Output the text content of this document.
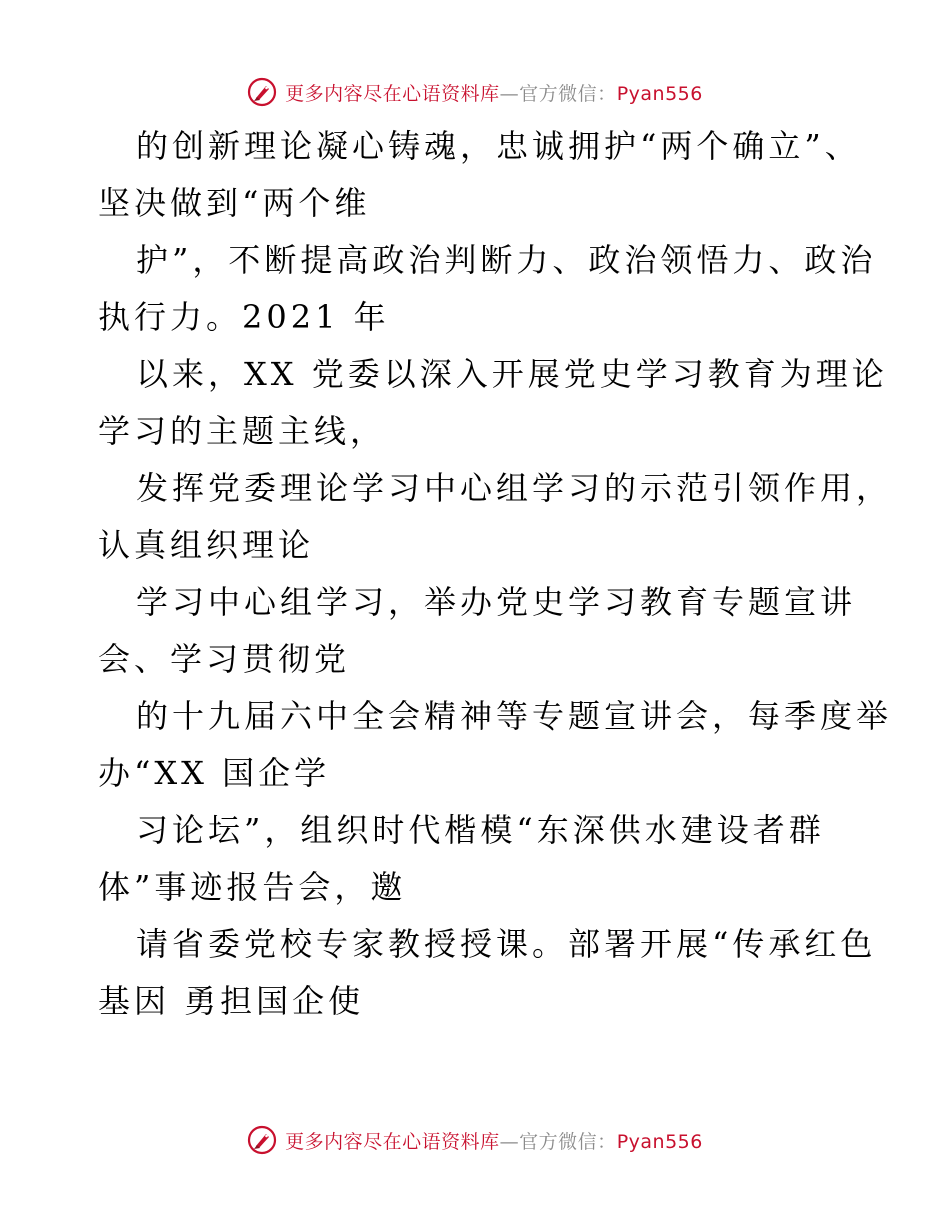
更多内容尽在心语资料库—官方微信：Pyan556

的创新理论凝心铸魂，忠诚拥护“两个确立”、
坚决做到“两个维

护”，不断提高政治判断力、政治领悟力、政治
执行力。2021 年

以来，XX 党委以深入开展党史学习教育为理论
学习的主题主线，

发挥党委理论学习中心组学习的示范引领作用，
认真组织理论

学习中心组学习，举办党史学习教育专题宣讲
会、学习贯彻党

的十九届六中全会精神等专题宣讲会，每季度举
办“XX 国企学

习论坛”，组织时代楷模“东深供水建设者群
体”事迹报告会，邀

请省委党校专家教授授课。部署开展“传承红色
基因 勇担国企使

更多内容尽在心语资料库—官方微信：Pyan556
